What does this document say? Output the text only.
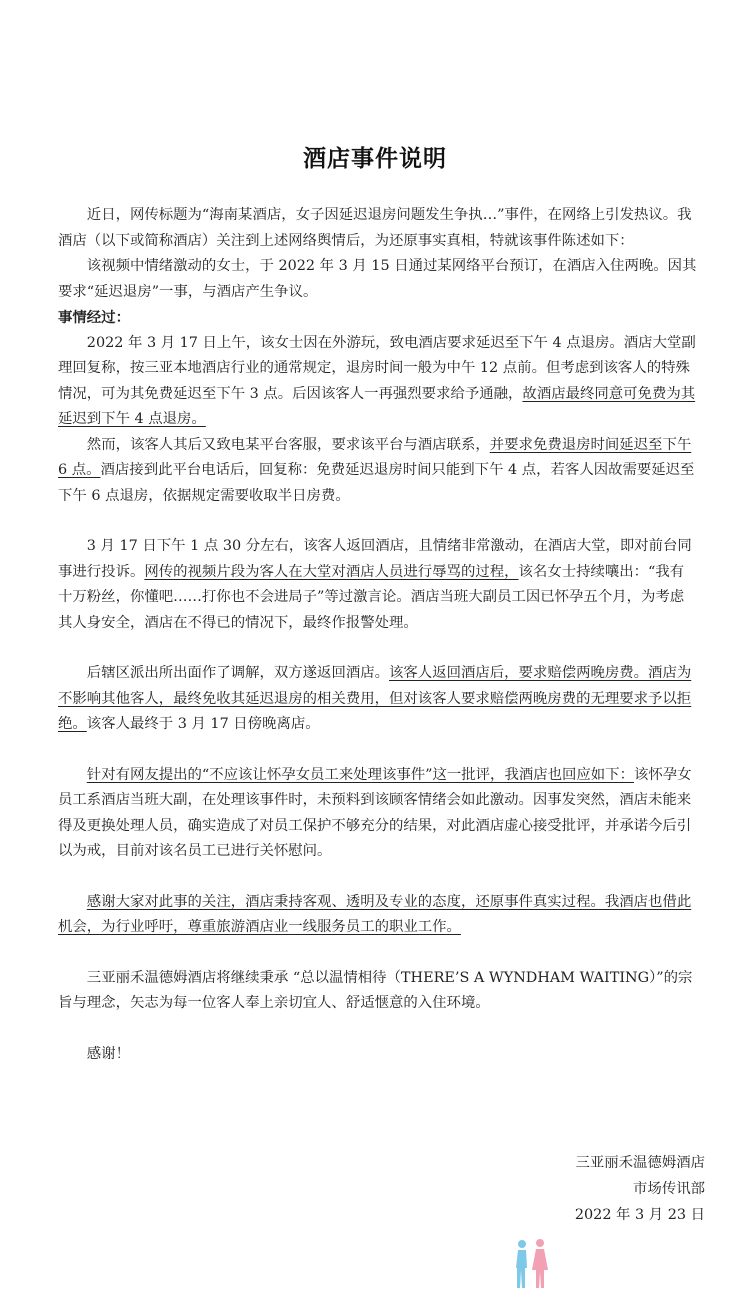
酒店事件说明

近日，网传标题为“海南某酒店，女子因延迟退房问题发生争执…”事件，在网络上引发热议。我酒店（以下或简称酒店）关注到上述网络舆情后，为还原事实真相，特就该事件陈述如下：

该视频中情绪激动的女士，于 2022 年 3 月 15 日通过某网络平台预订，在酒店入住两晚。因其要求“延迟退房”一事，与酒店产生争议。

事情经过：

2022 年 3 月 17 日上午，该女士因在外游玩，致电酒店要求延迟至下午 4 点退房。酒店大堂副理回复称，按三亚本地酒店行业的通常规定，退房时间一般为中午 12 点前。但考虑到该客人的特殊情况，可为其免费延迟至下午 3 点。后因该客人一再强烈要求给予通融，故酒店最终同意可免费为其延迟到下午 4 点退房。

然而，该客人其后又致电某平台客服，要求该平台与酒店联系，并要求免费退房时间延迟至下午 6 点。酒店接到此平台电话后，回复称：免费延迟退房时间只能到下午 4 点，若客人因故需要延迟至下午 6 点退房，依据规定需要收取半日房费。

3 月 17 日下午 1 点 30 分左右，该客人返回酒店，且情绪非常激动，在酒店大堂，即对前台同事进行投诉。网传的视频片段为客人在大堂对酒店人员进行辱骂的过程，该名女士持续嚷出：“我有十万粉丝，你懂吧……打你也不会进局子”等过激言论。酒店当班大副员工因已怀孕五个月，为考虑其人身安全，酒店在不得已的情况下，最终作报警处理。

后辖区派出所出面作了调解，双方遂返回酒店。该客人返回酒店后，要求赔偿两晚房费。酒店为不影响其他客人，最终免收其延迟退房的相关费用，但对该客人要求赔偿两晚房费的无理要求予以拒绝。该客人最终于 3 月 17 日傍晚离店。

针对有网友提出的“不应该让怀孕女员工来处理该事件”这一批评，我酒店也回应如下：该怀孕女员工系酒店当班大副，在处理该事件时，未预料到该顾客情绪会如此激动。因事发突然，酒店未能来得及更换处理人员，确实造成了对员工保护不够充分的结果，对此酒店虚心接受批评，并承诺今后引以为戒，目前对该名员工已进行关怀慰问。

感谢大家对此事的关注，酒店秉持客观、透明及专业的态度，还原事件真实过程。我酒店也借此机会，为行业呼吁，尊重旅游酒店业一线服务员工的职业工作。

三亚丽禾温德姆酒店将继续秉承 “总以温情相待（THERE’S A WYNDHAM WAITING）”的宗旨与理念，矢志为每一位客人奉上亲切宜人、舒适惬意的入住环境。

感谢！

三亚丽禾温德姆酒店
市场传讯部
2022 年 3 月 23 日
